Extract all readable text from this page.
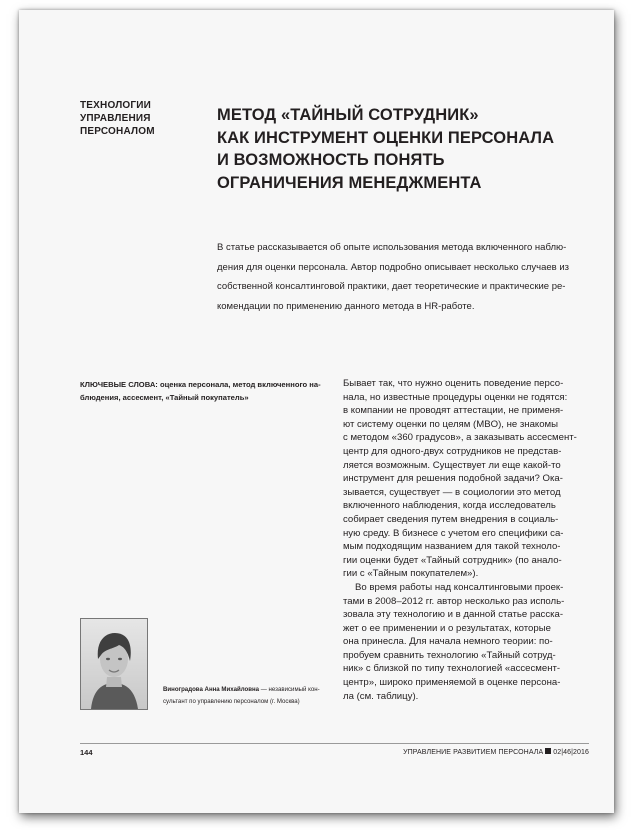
ТЕХНОЛОГИИ
УПРАВЛЕНИЯ
ПЕРСОНАЛОМ
МЕТОД «ТАЙНЫЙ СОТРУДНИК»
КАК ИНСТРУМЕНТ ОЦЕНКИ ПЕРСОНАЛА
И ВОЗМОЖНОСТЬ ПОНЯТЬ
ОГРАНИЧЕНИЯ МЕНЕДЖМЕНТА
В статье рассказывается об опыте использования метода включенного наблю-
дения для оценки персонала. Автор подробно описывает несколько случаев из
собственной консалтинговой практики, дает теоретические и практические ре-
комендации по применению данного метода в HR-работе.
КЛЮЧЕВЫЕ СЛОВА: оценка персонала, метод включенного на-
блюдения, ассесмент, «Тайный покупатель»
Бывает так, что нужно оценить поведение персо-
нала, но известные процедуры оценки не годятся:
в компании не проводят аттестации, не применя-
ют систему оценки по целям (MBO), не знакомы
с методом «360 градусов», а заказывать ассесмент-
центр для одного-двух сотрудников не представ-
ляется возможным. Существует ли еще какой-то
инструмент для решения подобной задачи? Ока-
зывается, существует — в социологии это метод
включенного наблюдения, когда исследователь
собирает сведения путем внедрения в социаль-
ную среду. В бизнесе с учетом его специфики са-
мым подходящим названием для такой техноло-
гии оценки будет «Тайный сотрудник» (по анало-
гии с «Тайным покупателем»).
Во время работы над консалтинговыми проек-
тами в 2008–2012 гг. автор несколько раз исполь-
зовала эту технологию и в данной статье расска-
жет о ее применении и о результатах, которые
она принесла. Для начала немного теории: по-
пробуем сравнить технологию «Тайный сотруд-
ник» с близкой по типу технологией «ассесмент-
центр», широко применяемой в оценке персона-
ла (см. таблицу).
Виноградова Анна Михайловна — независимый кон-
сультант по управлению персоналом (г. Москва)
144	УПРАВЛЕНИЕ РАЗВИТИЕМ ПЕРСОНАЛА 02|46|2016
